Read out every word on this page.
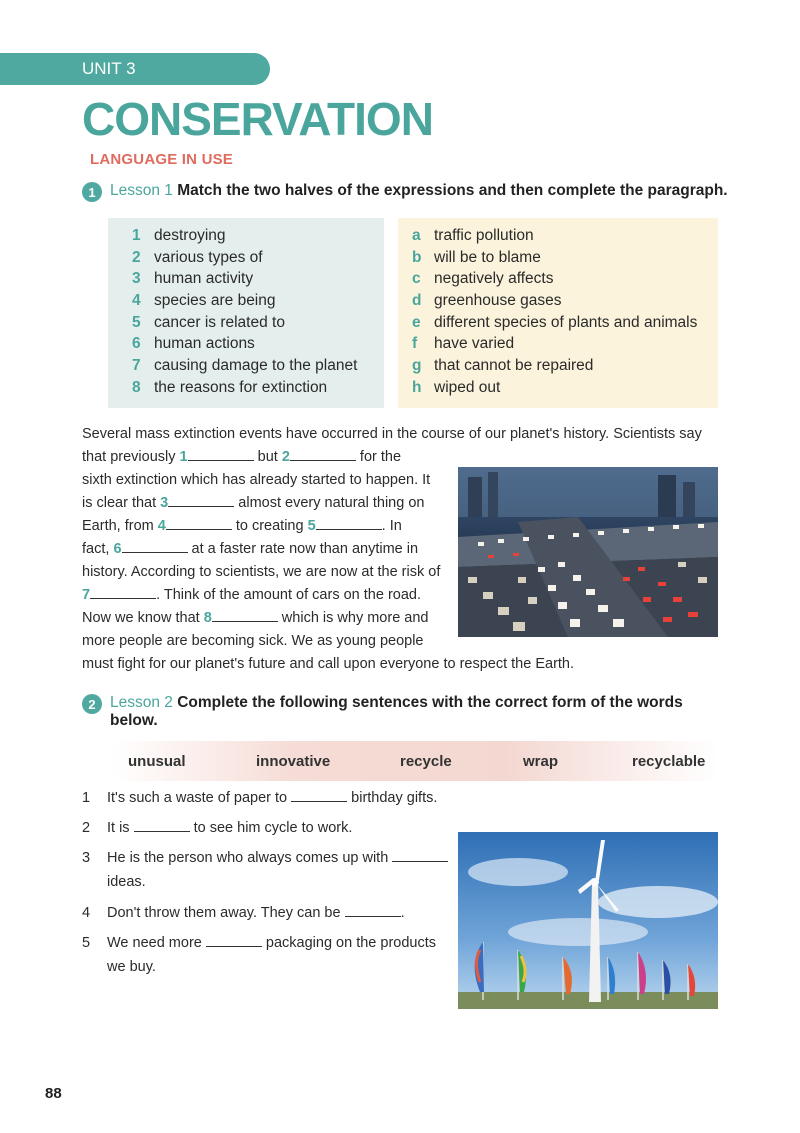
UNIT 3
CONSERVATION
LANGUAGE IN USE
1 Lesson 1 Match the two halves of the expressions and then complete the paragraph.
1 destroying
2 various types of
3 human activity
4 species are being
5 cancer is related to
6 human actions
7 causing damage to the planet
8 the reasons for extinction
a traffic pollution
b will be to blame
c negatively affects
d greenhouse gases
e different species of plants and animals
f	have varied
g that cannot be repaired
h wiped out
Several mass extinction events have occurred in the course of our planet's history. Scientists say
that previously 1	but 2	for the
sixth extinction which has already started to happen. It
is clear that 3	almost every natural thing on
Earth, from 4	to creating 5	. In
fact, 6	at a faster rate now than anytime in
history. According to scientists, we are now at the risk of
7	. Think of the amount of cars on the road.
Now we know that 8	which is why more and
more people are becoming sick. We as young people
must fight for our planet's future and call upon everyone to respect the Earth.
2 Lesson 2 Complete the following sentences with the correct form of the words
below.
unusual	innovative	recycle	wrap	recyclable
1 It's such a waste of paper to	birthday gifts.
2 It is	to see him cycle to work.
3 He is the person who always comes up with
ideas.
4 Don't throw them away. They can be	.
5 We need more	packaging on the products
we buy.
88
